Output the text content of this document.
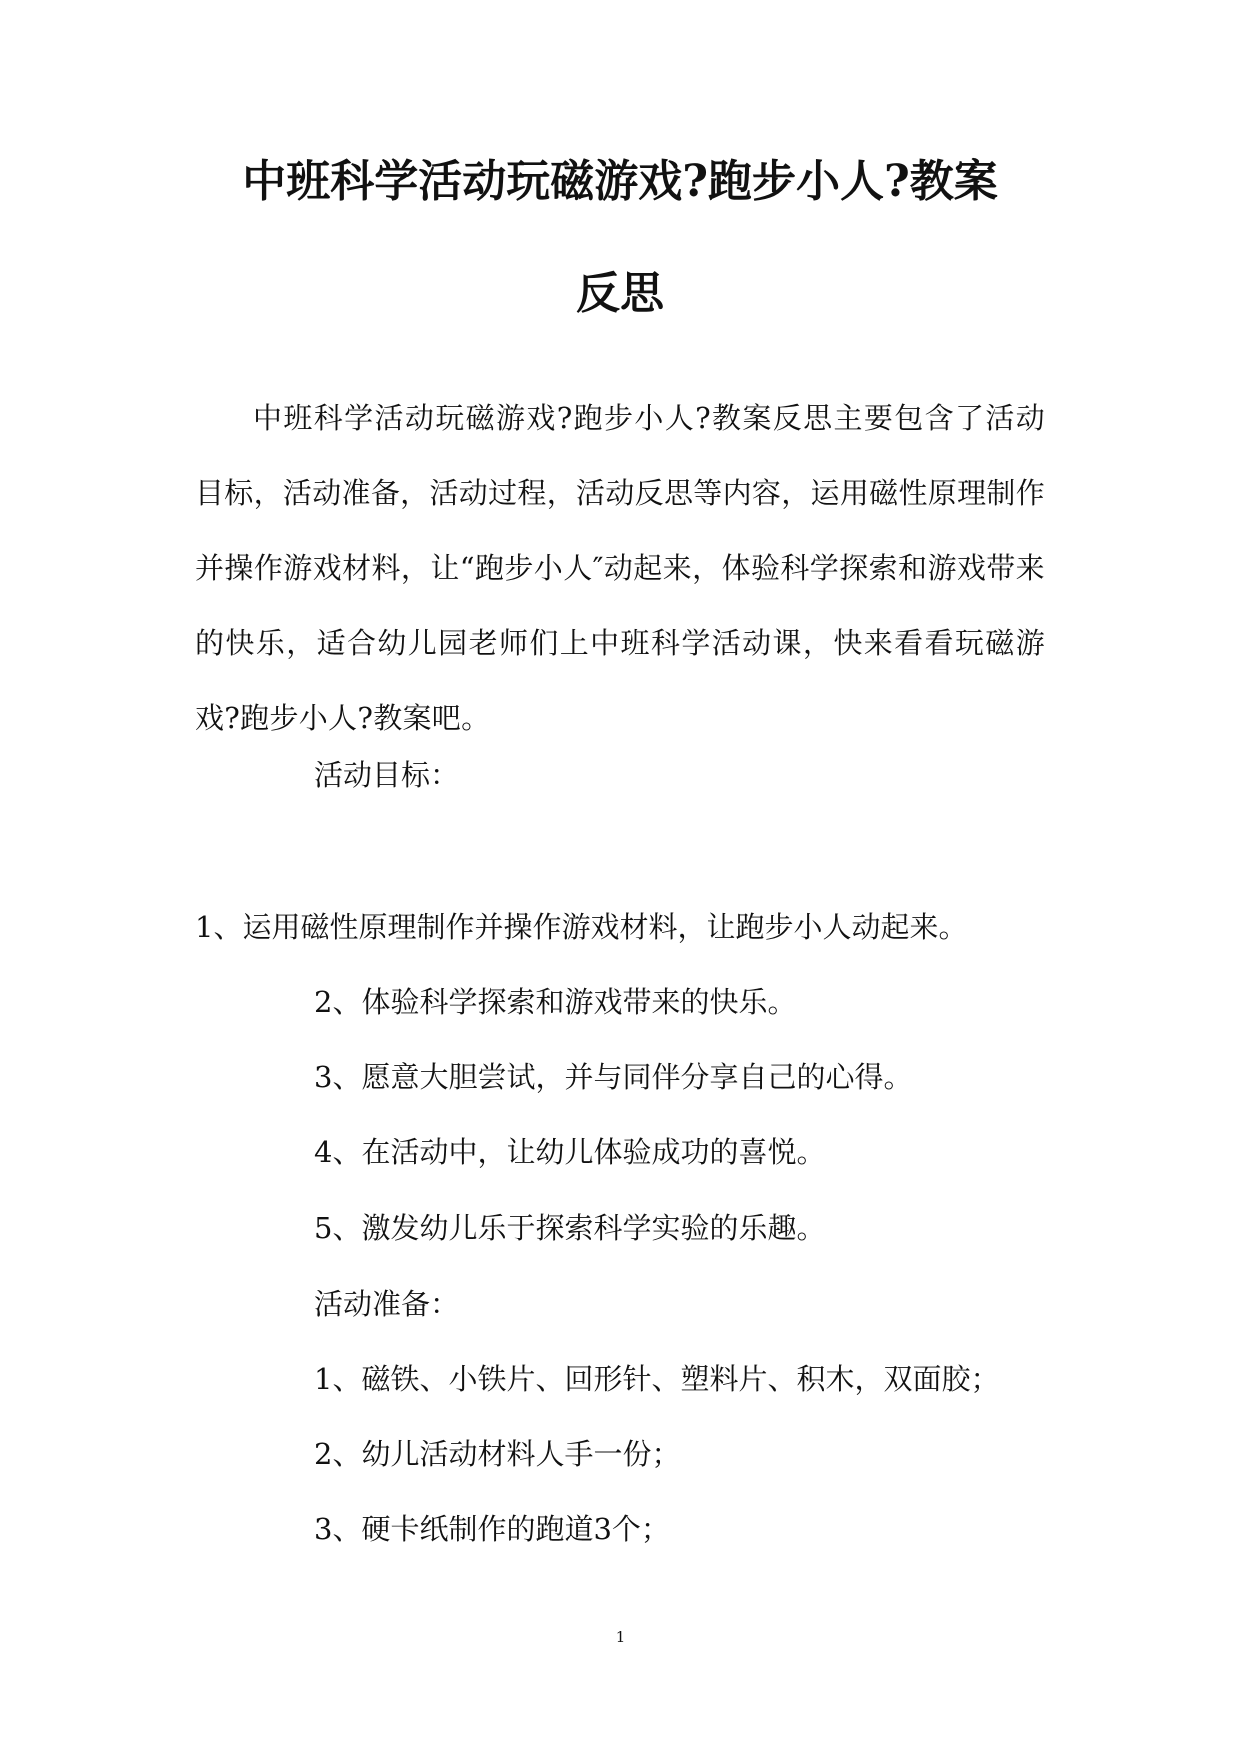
中班科学活动玩磁游戏?跑步小人?教案
反思

中班科学活动玩磁游戏?跑步小人?教案反思主要包含了活动目标，活动准备，活动过程，活动反思等内容，运用磁性原理制作并操作游戏材料，让“跑步小人″动起来，体验科学探索和游戏带来的快乐，适合幼儿园老师们上中班科学活动课，快来看看玩磁游戏?跑步小人?教案吧。

活动目标：

1、运用磁性原理制作并操作游戏材料，让跑步小人动起来。

2、体验科学探索和游戏带来的快乐。

3、愿意大胆尝试，并与同伴分享自己的心得。

4、在活动中，让幼儿体验成功的喜悦。

5、激发幼儿乐于探索科学实验的乐趣。

活动准备：

1、磁铁、小铁片、回形针、塑料片、积木，双面胶；

2、幼儿活动材料人手一份；

3、硬卡纸制作的跑道3个；

1
